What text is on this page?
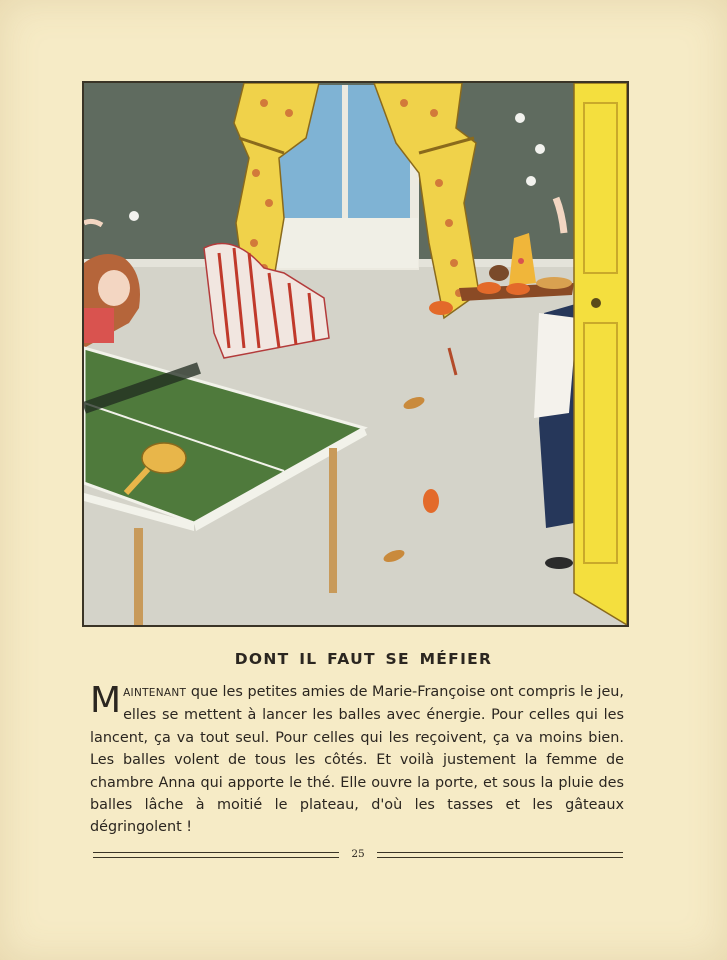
DONT IL FAUT SE MÉFIER
MAINTENANT que les petites amies de Marie-Françoise ont compris le jeu, elles se mettent à lancer les balles avec énergie. Pour celles qui les lancent, ça va tout seul. Pour celles qui les reçoivent, ça va moins bien. Les balles volent de tous les côtés. Et voilà justement la femme de chambre Anna qui apporte le thé. Elle ouvre la porte, et sous la pluie des balles lâche à moitié le plateau, d'où les tasses et les gâteaux dégringolent !
25
